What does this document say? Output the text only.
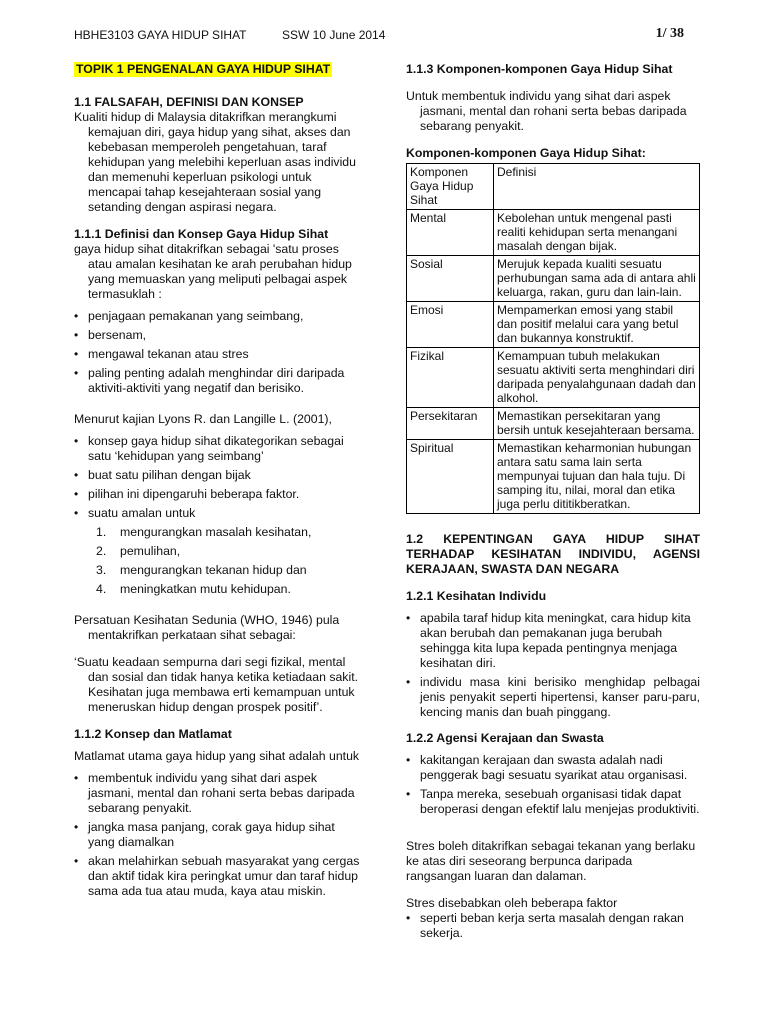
HBHE3103 GAYA HIDUP SIHAT	SSW 10 June 2014	1/ 38
TOPIK 1 PENGENALAN GAYA HIDUP SIHAT
1.1 FALSAFAH, DEFINISI DAN KONSEP

Kualiti hidup di Malaysia ditakrifkan merangkumi kemajuan diri, gaya hidup yang sihat, akses dan kebebasan memperoleh pengetahuan, taraf kehidupan yang melebihi keperluan asas individu dan memenuhi keperluan psikologi untuk mencapai tahap kesejahteraan sosial yang setanding dengan aspirasi negara.

1.1.1 Definisi dan Konsep Gaya Hidup Sihat

gaya hidup sihat ditakrifkan sebagai 'satu proses atau amalan kesihatan ke arah perubahan hidup yang memuaskan yang meliputi pelbagai aspek termasuklah :

• penjagaan pemakanan yang seimbang,
• bersenam,
• mengawal tekanan atau stres
• paling penting adalah menghindar diri daripada aktiviti-aktiviti yang negatif dan berisiko.

Menurut kajian Lyons R. dan Langille L. (2001),

• konsep gaya hidup sihat dikategorikan sebagai satu ‘kehidupan yang seimbang’
• buat satu pilihan dengan bijak
• pilihan ini dipengaruhi beberapa faktor.
• suatu amalan untuk
1.	mengurangkan masalah kesihatan,
2.	pemulihan,
3.	mengurangkan tekanan hidup dan
4.	meningkatkan mutu kehidupan.

Persatuan Kesihatan Sedunia (WHO, 1946) pula mentakrifkan perkataan sihat sebagai:

‘Suatu keadaan sempurna dari segi fizikal, mental dan sosial dan tidak hanya ketika ketiadaan sakit. Kesihatan juga membawa erti kemampuan untuk meneruskan hidup dengan prospek positif’.

1.1.2 Konsep dan Matlamat

Matlamat utama gaya hidup yang sihat adalah untuk

• membentuk individu yang sihat dari aspek jasmani, mental dan rohani serta bebas daripada sebarang penyakit.
• jangka masa panjang, corak gaya hidup sihat yang diamalkan
• akan melahirkan sebuah masyarakat yang cergas dan aktif tidak kira peringkat umur dan taraf hidup sama ada tua atau muda, kaya atau miskin.
1.1.3 Komponen-komponen Gaya Hidup Sihat

Untuk membentuk individu yang sihat dari aspek jasmani, mental dan rohani serta bebas daripada sebarang penyakit.

Komponen-komponen Gaya Hidup Sihat:
Komponen Gaya Hidup Sihat	Definisi
Mental	Kebolehan untuk mengenal pasti realiti kehidupan serta menangani masalah dengan bijak.
Sosial	Merujuk kepada kualiti sesuatu perhubungan sama ada di antara ahli keluarga, rakan, guru dan lain-lain.
Emosi	Mempamerkan emosi yang stabil dan positif melalui cara yang betul dan bukannya konstruktif.
Fizikal	Kemampuan tubuh melakukan sesuatu aktiviti serta menghindari diri daripada penyalahgunaan dadah dan alkohol.
Persekitaran	Memastikan persekitaran yang bersih untuk kesejahteraan bersama.
Spiritual	Memastikan keharmonian hubungan antara satu sama lain serta mempunyai tujuan dan hala tuju. Di samping itu, nilai, moral dan etika juga perlu dititikberatkan.
1.2 KEPENTINGAN GAYA HIDUP SIHAT TERHADAP KESIHATAN INDIVIDU, AGENSI KERAJAAN, SWASTA DAN NEGARA
1.2.1 Kesihatan Individu
• apabila taraf hidup kita meningkat, cara hidup kita akan berubah dan pemakanan juga berubah sehingga kita lupa kepada pentingnya menjaga kesihatan diri.
• individu masa kini berisiko menghidap pelbagai jenis penyakit seperti hipertensi, kanser paru-paru, kencing manis dan buah pinggang.
1.2.2 Agensi Kerajaan dan Swasta
• kakitangan kerajaan dan swasta adalah nadi penggerak bagi sesuatu syarikat atau organisasi.
• Tanpa mereka, sesebuah organisasi tidak dapat beroperasi dengan efektif lalu menjejas produktiviti.

Stres boleh ditakrifkan sebagai tekanan yang berlaku ke atas diri seseorang berpunca daripada rangsangan luaran dan dalaman.

Stres disebabkan oleh beberapa faktor

• seperti beban kerja serta masalah dengan rakan sekerja.
